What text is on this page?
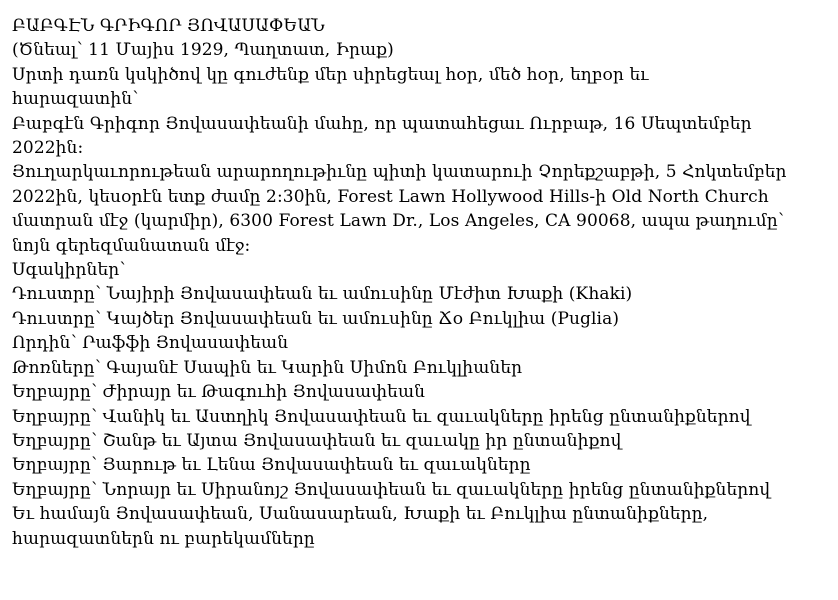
ԲԱԲԳԷՆ ԳՐԻԳՈՐ ՅՈՎԱՍԱՓԵԱՆ

(Ծնեալ՝ 11 Մայիս 1929, Պաղտատ, Իրաք)

Սրտի դառն կսկիծով կը գուժենք մեր սիրեցեալ հօր, մեծ հօր, եղբօր եւ

հարազատին՝

Բաբգէն Գրիգոր Յովասափեանի մահը, որ պատահեցաւ Ուրբաթ, 16 Սեպտեմբեր

2022ին։

Յուղարկաւորութեան արարողութիւնը պիտի կատարուի Չորեքշաբթի, 5 Հոկտեմբեր

2022ին, կեսօրէն ետք ժամը 2:30ին, Forest Lawn Hollywood Hills-ի Old North Church

մատրան մէջ (կարմիր), 6300 Forest Lawn Dr., Los Angeles, CA 90068, ապա թաղումը՝

նոյն գերեզմանատան մէջ։

Սգակիրներ՝

Դուստրը՝ Նայիրի Յովասափեան եւ ամուսինը Մէժիտ Խաքի (Khaki)

Դուստրը՝ Կայծեր Յովասափեան եւ ամուսինը Ճօ Բուկլիա (Puglia)

Որդին՝ Րաֆֆի Յովասափեան

Թոռները՝ Գայանէ Սապին եւ Կարին Սիմոն Բուկլիաներ

Եղբայրը՝ Ժիրայր եւ Թագուհի Յովասափեան

Եղբայրը՝ Վանիկ եւ Աստղիկ Յովասափեան եւ զաւակները իրենց ընտանիքներով

Եղբայրը՝ Շանթ եւ Այտա Յովասափեան եւ զաւակը իր ընտանիքով

Եղբայրը՝ Յարութ եւ Լենա Յովասափեան եւ զաւակները

Եղբայրը՝ Նորայր եւ Սիրանոյշ Յովասափեան եւ զաւակները իրենց ընտանիքներով

Եւ համայն Յովասափեան, Սանասարեան, Խաքի եւ Բուկլիա ընտանիքները,

հարազատներն ու բարեկամները
